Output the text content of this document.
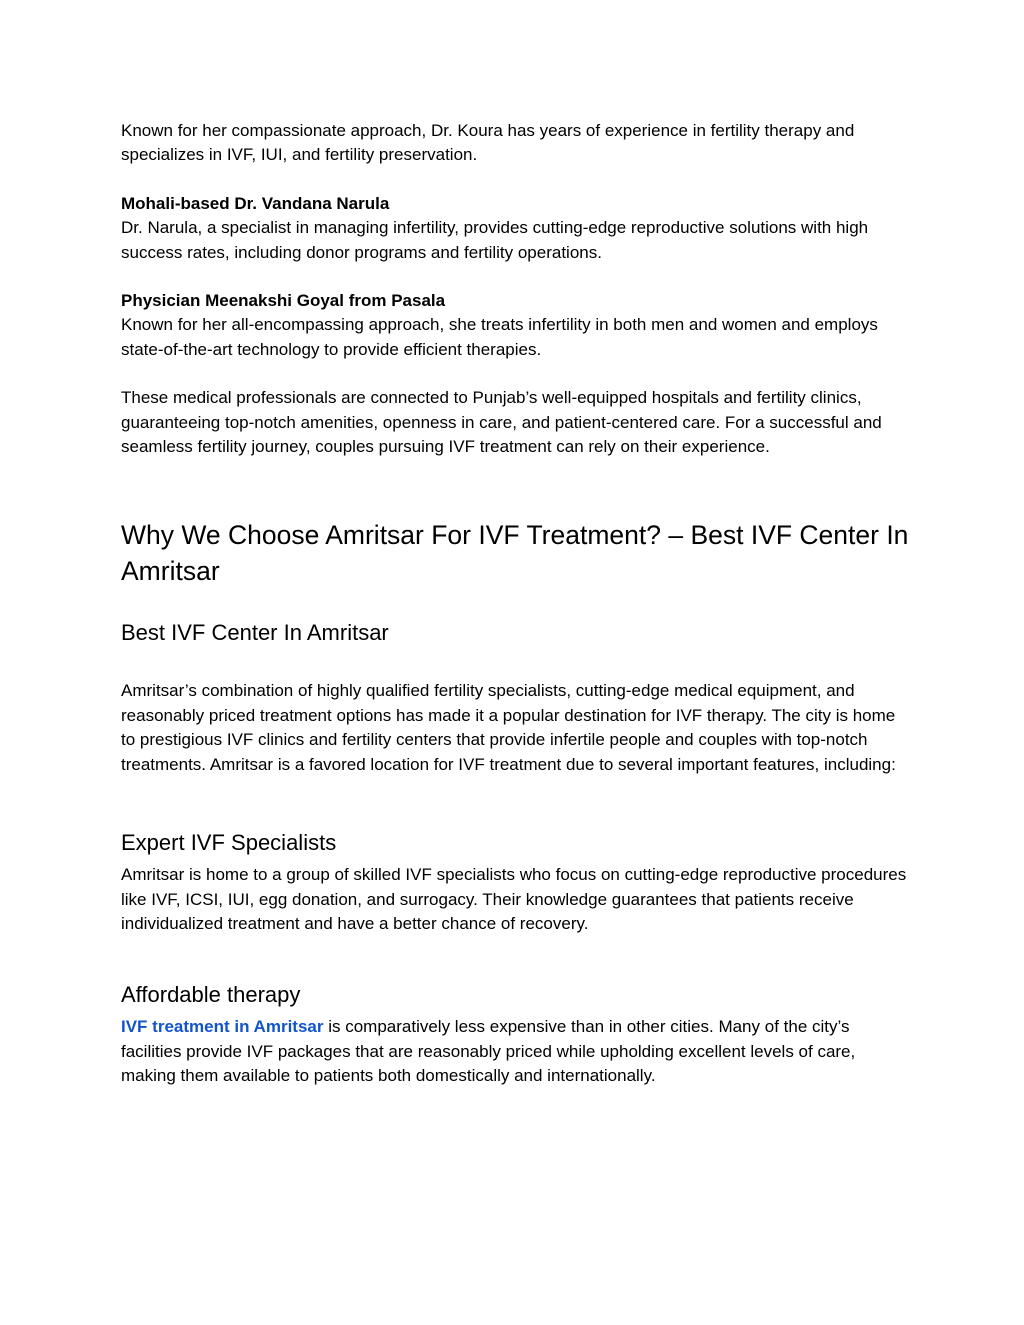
Known for her compassionate approach, Dr. Koura has years of experience in fertility therapy and specializes in IVF, IUI, and fertility preservation.

Mohali-based Dr. Vandana Narula

Dr. Narula, a specialist in managing infertility, provides cutting-edge reproductive solutions with high success rates, including donor programs and fertility operations.

Physician Meenakshi Goyal from Pasala

Known for her all-encompassing approach, she treats infertility in both men and women and employs state-of-the-art technology to provide efficient therapies.

These medical professionals are connected to Punjab’s well-equipped hospitals and fertility clinics, guaranteeing top-notch amenities, openness in care, and patient-centered care. For a successful and seamless fertility journey, couples pursuing IVF treatment can rely on their experience.

Why We Choose Amritsar For IVF Treatment? – Best IVF Center In Amritsar
Best IVF Center In Amritsar

Amritsar’s combination of highly qualified fertility specialists, cutting-edge medical equipment, and reasonably priced treatment options has made it a popular destination for IVF therapy. The city is home to prestigious IVF clinics and fertility centers that provide infertile people and couples with top-notch treatments. Amritsar is a favored location for IVF treatment due to several important features, including:

Expert IVF Specialists

Amritsar is home to a group of skilled IVF specialists who focus on cutting-edge reproductive procedures like IVF, ICSI, IUI, egg donation, and surrogacy. Their knowledge guarantees that patients receive individualized treatment and have a better chance of recovery.

Affordable therapy

IVF treatment in Amritsar is comparatively less expensive than in other cities. Many of the city’s facilities provide IVF packages that are reasonably priced while upholding excellent levels of care, making them available to patients both domestically and internationally.
